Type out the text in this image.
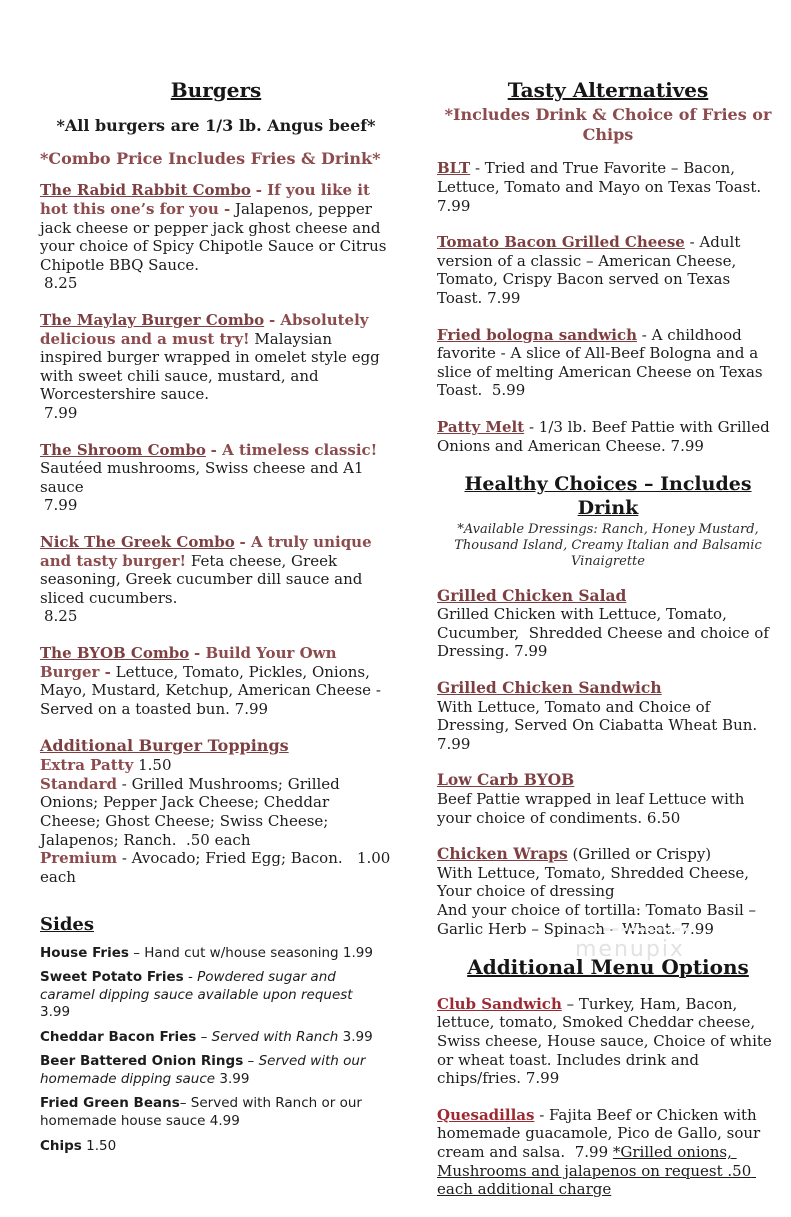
Burgers
*All burgers are 1/3 lb. Angus beef*
*Combo Price Includes Fries & Drink*

The Rabid Rabbit Combo - If you like it hot this one’s for you - Jalapenos, pepper jack cheese or pepper jack ghost cheese and your choice of Spicy Chipotle Sauce or Citrus Chipotle BBQ Sauce.
8.25

The Maylay Burger Combo - Absolutely delicious and a must try! Malaysian inspired burger wrapped in omelet style egg with sweet chili sauce, mustard, and Worcestershire sauce.
7.99

The Shroom Combo - A timeless classic! Sautéed mushrooms, Swiss cheese and A1 sauce
7.99

Nick The Greek Combo - A truly unique and tasty burger! Feta cheese, Greek seasoning, Greek cucumber dill sauce and sliced cucumbers.
8.25

The BYOB Combo - Build Your Own Burger - Lettuce, Tomato, Pickles, Onions, Mayo, Mustard, Ketchup, American Cheese - Served on a toasted bun. 7.99

Additional Burger Toppings
Extra Patty 1.50
Standard - Grilled Mushrooms; Grilled Onions; Pepper Jack Cheese; Cheddar Cheese; Ghost Cheese; Swiss Cheese; Jalapenos; Ranch.  .50 each
Premium - Avocado; Fried Egg; Bacon.   1.00 each
Sides
House Fries – Hand cut w/house seasoning 1.99
Sweet Potato Fries - Powdered sugar and caramel dipping sauce available upon request
3.99
Cheddar Bacon Fries – Served with Ranch 3.99
Beer Battered Onion Rings – Served with our homemade dipping sauce 3.99
Fried Green Beans– Served with Ranch or our homemade house sauce 4.99
Chips 1.50
Tasty Alternatives
*Includes Drink & Choice of Fries or Chips

BLT - Tried and True Favorite – Bacon, Lettuce, Tomato and Mayo on Texas Toast.  7.99

Tomato Bacon Grilled Cheese - Adult version of a classic – American Cheese, Tomato, Crispy Bacon served on Texas Toast. 7.99

Fried bologna sandwich - A childhood favorite - A slice of All-Beef Bologna and a slice of melting American Cheese on Texas Toast.  5.99

Patty Melt - 1/3 lb. Beef Pattie with Grilled Onions and American Cheese. 7.99

Healthy Choices – Includes Drink
*Available Dressings: Ranch, Honey Mustard, Thousand Island, Creamy Italian and Balsamic Vinaigrette
Grilled Chicken Salad
Grilled Chicken with Lettuce, Tomato, Cucumber,  Shredded Cheese and choice of Dressing. 7.99
Grilled Chicken Sandwich
With Lettuce, Tomato and Choice of Dressing, Served On Ciabatta Wheat Bun. 7.99
Low Carb BYOB
Beef Pattie wrapped in leaf Lettuce with your choice of condiments. 6.50
Chicken Wraps (Grilled or Crispy)
With Lettuce, Tomato, Shredded Cheese, Your choice of dressing
And your choice of tortilla: Tomato Basil – Garlic Herb – Spinach – Wheat. 7.99
Additional Menu Options

Club Sandwich – Turkey, Ham, Bacon, lettuce, tomato, Smoked Cheddar cheese, Swiss cheese, House sauce, Choice of white or wheat toast. Includes drink and chips/fries. 7.99

Quesadillas - Fajita Beef or Chicken with homemade guacamole, Pico de Gallo, sour cream and salsa.  7.99 *Grilled onions, Mushrooms and jalapenos on request .50 each additional charge

menupix
